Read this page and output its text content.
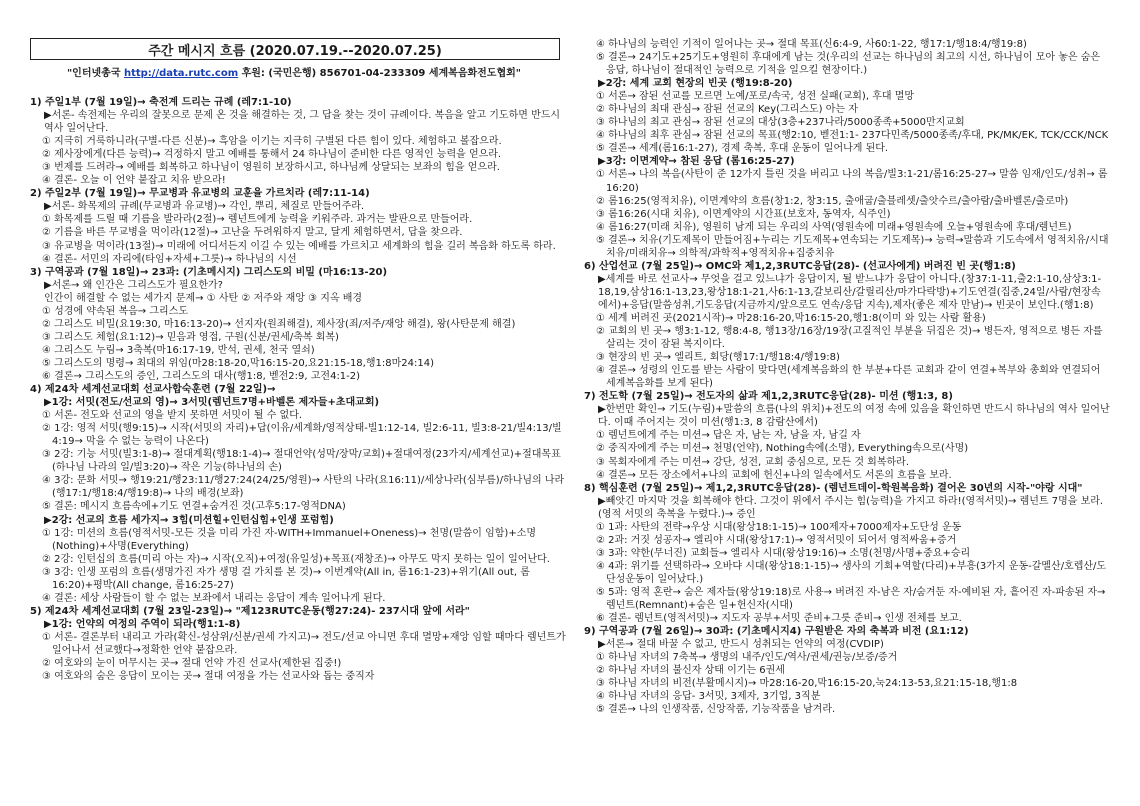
주간 메시지 흐름 (2020.07.19.--2020.07.25)
"인터넷총국 http://data.rutc.com 후원: (국민은행) 856701-04-233309 세계복음화전도협회"
1) 주일1부 (7월 19일)→ 축전계 드리는 규례 (레7:1-10)
▶서론- 속전제는 우리의 잘못으로 문제 온 것을 해결하는 것, 그 답을 찾는 것이 규례이다. 복음을 알고 기도하면 반드시 역사 일어난다.
① 지극히 거룩하니라(구별-다른 신분)→ 흑암을 이기는 지극히 구별된 다른 힘이 있다. 체험하고 볼잡으라.
② 제사장에게(다른 능력)→ 걱정하지 말고 예배를 통해서 24 하나님이 준비한 다른 영적인 능력을 얻으라.
③ 번제를 드려라→ 예배를 회복하고 하나님이 영원히 보장하시고, 하나님께 상달되는 보좌의 힘을 얻으라.
④ 결론- 오늘 이 언약 붙잡고 치유 받으라!
2) 주일2부 (7월 19일)→ 무교병과 유교병의 교훈을 가르치라 (레7:11-14)
▶서론- 화목제의 규례(무교병과 유교병)→ 각인, 뿌리, 체질로 만들어주라.
① 화목제를 드릴 때 기름을 발라라(2절)→ 렘넌트에게 능력을 키워주라. 과거는 발판으로 만들어라.
② 기름을 바른 무교병을 먹이라(12절)→ 고난을 두려워하지 말고, 달게 체험하면서, 답을 찾으라.
③ 유교병을 먹이라(13절)→ 미래에 어디서든지 이길 수 있는 예배를 가르치고 세계화의 힘을 길러 복음화 하도록 하라.
④ 결론- 서민의 자리에(타임+자세+그릇)→ 하나님의 시선
3) 구역공과 (7월 18일)→ 23과: (기초메시지) 그리스도의 비밀 (마16:13-20)
▶서론→ 왜 인간은 그리스도가 필요한가?
인간이 해결할 수 없는 세가지 문제→ ① 사탄 ② 저주와 재앙 ③ 지옥 배경
① 성경에 약속된 복음→ 그리스도
② 그리스도 비밀(요19:30, 마16:13-20)→ 선지자(원죄해결), 제사장(죄/저주/재앙 해결), 왕(사탄문제 해결)
③ 그리스도 체험(요1:12)→ 믿음과 영접, 구원(신분/권세/축복 회복)
④ 그리스도 누림→ 3축복(마16:17-19, 반석, 권세, 천국 열쇠)
⑤ 그리스도의 명령→ 최대의 위임(마28:18-20,막16:15-20,요21:15-18,행1:8마24:14)
⑥ 결론→ 그리스도의 증인, 그리스도의 대사(행1:8, 벧전2:9, 고전4:1-2)
4) 제24차 세계선교대회 선교사합숙훈련 (7월 22일)→
▶1강: 서밋(전도/선교의 영)→ 3서밋(렘넌트7명+바벨론 제자들+초대교회)
① 서론- 전도와 선교의 영을 받지 못하면 서밋이 될 수 없다.
② 1강: 영적 서밋(행9:15)→ 시작(서밋의 자리)+답(이유/세계화/영적상태-빌1:12-14, 빌2:6-11, 빌3:8-21/빌4:13/빌4:19→ 막을 수 없는 능력이 나온다)
③ 2강: 기능 서밋(빌3:1-8)→ 절대계획(행18:1-4)→ 절대언약(성막/장막/교회)+절대여정(23가지/세계선교)+절대목표(하나님 나라의 일/빌3:20)→ 작은 기능(하나님의 손)
④ 3강: 문화 서밋→ 행19:21/행23:11/행27:24(24/25/영원)→ 사탄의 나라(요16:11)/세상나라(심부름)/하나님의 나라(행17:1/행18:4/행19:8)→ 나의 배경(보좌)
⑤ 결론: 메시지 흐름속에+기도 연결+숨겨진 것(고후5:17-영적DNA)
▶2강: 선교의 흐름 세가지→ 3힘(미션힐+인턴십힘+인생 포럼힘)
① 1강: 미션의 흐름(영적서밋-모든 것을 미리 가진 자-WITH+Immanuel+Oneness)→ 천명(말씀이 임함)+소명(Nothing)+사명(Everything)
② 2강: 인턴십의 흐름(미리 아는 자)→ 시작(오직)+여정(유일성)+목표(재창조)→ 아무도 막지 못하는 일이 일어난다.
③ 3강: 인생 포럼의 흐름(생명가진 자가 생명 걸 가치를 본 것)→ 이번계약(All in, 롬16:1-23)+위기(All out, 롬16:20)+평박(All change, 롬16:25-27)
④ 결론: 세상 사람들이 할 수 없는 보좌에서 내리는 응답이 계속 일어나게 된다.
5) 제24차 세계선교대회 (7월 23일-23일)→ "제123RUTC운동(행27:24)- 237시대 앞에 서라"
▶1강: 언약의 여정의 주역이 되라(행1:1-8)
① 서론- 결론부터 내리고 가라(확신-성삼위/신분/권세 가지고)→ 전도/선교 아니면 후대 멸망+재앙 임할 때마다 렘넌트가 일어나서 선교했다→정확한 언약 붙잡으라.
② 여호와의 눈이 머무시는 곳→ 절대 언약 가진 선교사(제한된 집중!)
③ 여호와의 숨은 응답이 모이는 곳→ 절대 여정을 가는 선교사와 돕는 중직자
④ 하나님의 능력인 기적이 일어나는 곳→ 절대 목표(신6:4-9, 사60:1-22, 행17:1/행18:4/행19:8)
⑤ 결론→ 24기도+25기도+영원히 후대에게 남는 것(우리의 선교는 하나님의 최고의 시선, 하나님이 모아 놓은 숨은 응답, 하나님이 절대적인 능력으로 기적을 일으킬 현장이다.)
▶2강: 세계 교회 현장의 빈곳 (행19:8-20)
① 서론→ 잠된 선교를 모르면 노예/포로/속국, 성전 실패(교회), 후대 멸망
② 하나님의 최대 관심→ 잠된 선교의 Key(그리스도) 아는 자
③ 하나님의 최고 관심→ 잠된 선교의 대상(3층+237나라/5000종족+5000만지교회
④ 하나님의 최후 관심→ 잠된 선교의 목표(행2:10, 벧전1:1- 237다민족/5000종족/후대, PK/MK/EK, TCK/CCK/NCK
⑤ 결론→ 세계(롬16:1-27), 경제 축복, 후대 운동이 일어나게 된다.
▶3강: 이면계약→ 참된 응답 (롬16:25-27)
① 서론→ 나의 복음(사탄이 준 12가지 틀린 것을 버리고 나의 복음/빌3:1-21/롬16:25-27→ 말씀 임재/인도/성취→ 롬16:20)
② 롬16:25(영적치유), 이면계약의 흐름(창1:2, 창3:15, 출애굽/출블레셋/출앗수르/출아람/출바벨론/출로마)
③ 롬16:26(시대 치유), 이면계약의 시간표(보호자, 동역자, 식주인)
④ 롬16:27(미래 치유), 영원히 남게 되는 우리의 사역(영원속에 미래+영원속에 오늘+영원속에 후대/렘넌트)
⑤ 결론→ 치유(기도제목이 만들어짐+누리는 기도제목+연속되는 기도제목)→ 능력→말씀과 기도속에서 영적치유/시대치유/미래치유→ 의학적/과학적+영적치유+집중치유
6) 산업선교 (7월 25일)→ OMC와 제1,2,3RUTC응답(28)- (선교사에게) 버려진 빈 곳(행1:8)
▶세계를 바로 선교사→ 무엇을 걸고 있느냐가 응답이지, 될 받느냐가 응답이 아니다.(창37:1-11,출2:1-10,삼상3:1-18,19,삼상16:1-13,23,왕상18:1-21,사6:1-13,갈보리산/갈릴리산/마가다락방)+기도연결(집중,24일/사람/현장속에서)+응답(말씀성취,기도응답(지금까지/앞으로도 연속/응답 지속),제자(좋은 제자 만남)→ 빈곳이 보인다.(행1:8)
① 세계 버려진 곳(2021시작)→ 마28:16-20,막16:15-20,행1:8(이미 와 있는 사람 활용)
② 교회의 빈 곳→ 행3:1-12, 행8:4-8, 행13장/16장/19장(고질적인 부분을 뒤집은 것)→ 병든자, 영적으로 병든 자를 살리는 것이 잠된 복지이다.
③ 현장의 빈 곳→ 엘리트, 회당(행17:1/행18:4/행19:8)
④ 결론→ 성령의 인도를 받는 사람이 맞다면(세계복음화의 한 부분+다른 교회과 같이 연결+복부와 총회와 연결되어 세계복음화를 보게 된다)
7) 전도학 (7월 25일)→ 전도자의 삶과 제1,2,3RUTC응답(28)- 미션 (행1:3, 8)
▶한번만 확인→ 기도(누림)+말씀의 흐름(나의 위치)+전도의 여정 속에 있음을 확인하면 반드시 하나님의 역사 일어난다. 이때 주어지는 것이 미션(행1:3, 8 감람산에서)
① 렘넌트에게 주는 미션→ 답은 자, 남는 자, 남을 자, 남길 자
② 중직자에게 주는 미션→ 천명(언약), Nothing속에(소명), Everything속으로(사명)
③ 목회자에게 주는 미션→ 강단, 성전, 교회 중심으로, 모든 것 회복하라.
④ 결론→ 모든 장소에서+나의 교회에 헌신+나의 일속에서도 서론의 흐름을 보라.
8) 핵심훈련 (7월 25일)→ 제1,2,3RUTC응답(28)- (렘넌트데이-학원복음화) 결어온 30년의 시작-"야랑 시대"
▶빼앗긴 마지막 것을 회복해야 한다. 그것이 위에서 주시는 힘(능력)을 가지고 하라!(영적서밋)→ 렘넌트 7명을 보라.(영적 서밋의 축복을 누렸다.)→ 증인
① 1과: 사탄의 전략→우상 시대(왕상18:1-15)→ 100제자+7000제자+도단성 운동
② 2과: 거짓 성공자→ 엘리야 시대(왕상17:1)→ 영적서밋이 되어서 영적싸움+증거
③ 3과: 약한(무너진) 교회들→ 엘리사 시대(왕상19:16)→ 소명(천명/사명+중요+승리
④ 4과: 위기를 선택하라→ 오바댜 시대(왕상18:1-15)→ 생사의 기회+역할(다리)+부흥(3가지 운동-갈멜산/호렙산/도단성운동이 일어났다.)
⑤ 5과: 영적 혼란→ 숨은 제자들(왕상19:18)로 사용→ 버려진 자-남은 자/숨겨둔 자-예비된 자, 흩어진 자-파송된 자→ 렘넌트(Remnant)+숨은 일+헌신자(시대)
⑥ 결론- 렘넌트(영적서밋)→ 지도자 공부+서밋 준비+그릇 준비→ 인생 전체를 보고.
9) 구역공과 (7월 26일)→ 30과: (기초메시지4) 구원받은 자의 축복과 비전 (요1:12)
▶서론→ 절대 바꿀 수 없고, 반드시 성취되는 언약의 여정(CVDIP)
① 하나님 자녀의 7축복→ 생명의 내주/인도/역사/권세/권능/보증/증거
② 하나님 자녀의 불신자 상태 이기는 6권세
③ 하나님 자녀의 비전(부활메시지)→ 마28:16-20,막16:15-20,눅24:13-53,요21:15-18,행1:8
④ 하나님 자녀의 응답- 3서밋, 3제자, 3기업, 3직분
⑤ 결론→ 나의 인생작품, 신앙작품, 기능작품을 남겨라.
